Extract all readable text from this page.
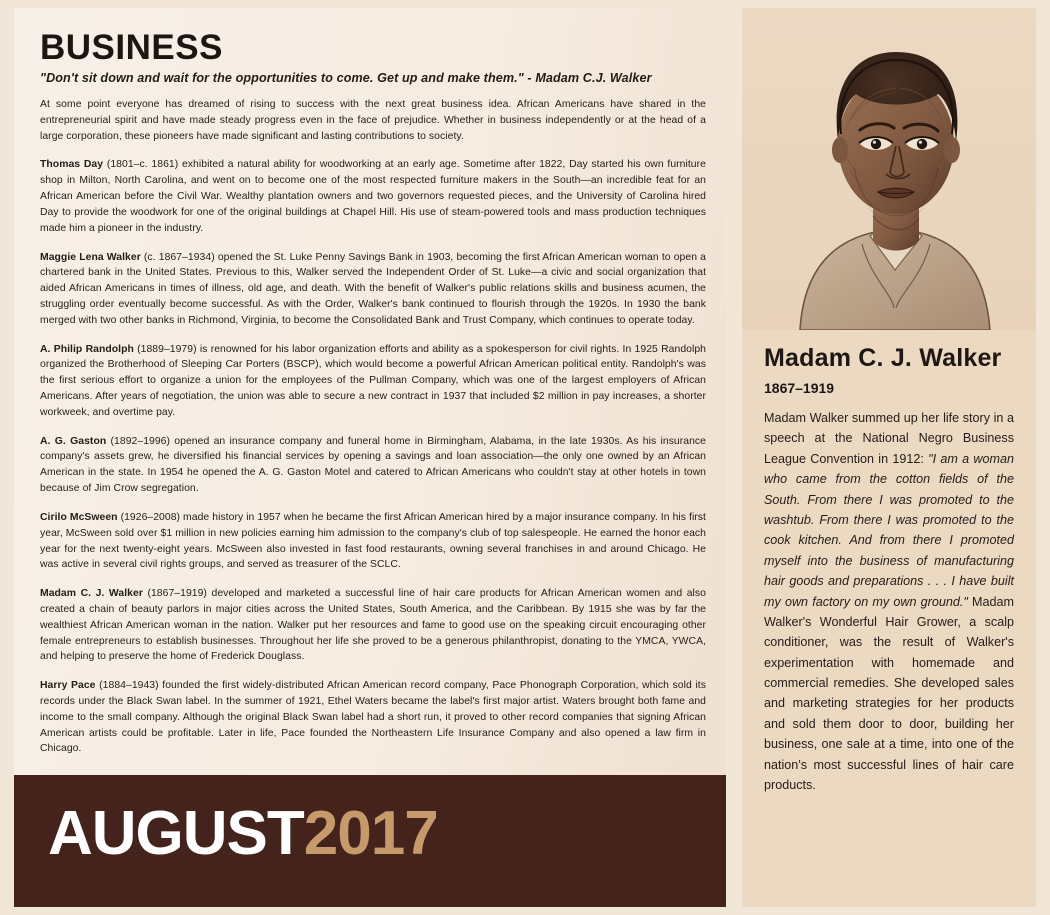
BUSINESS

"Don't sit down and wait for the opportunities to come. Get up and make them." - Madam C.J. Walker

At some point everyone has dreamed of rising to success with the next great business idea. African Americans have shared in the entrepreneurial spirit and have made steady progress even in the face of prejudice. Whether in business independently or at the head of a large corporation, these pioneers have made significant and lasting contributions to society.

Thomas Day (1801–c. 1861) exhibited a natural ability for woodworking at an early age. Sometime after 1822, Day started his own furniture shop in Milton, North Carolina, and went on to become one of the most respected furniture makers in the South—an incredible feat for an African American before the Civil War. Wealthy plantation owners and two governors requested pieces, and the University of Carolina hired Day to provide the woodwork for one of the original buildings at Chapel Hill. His use of steam-powered tools and mass production techniques made him a pioneer in the industry.

Maggie Lena Walker (c. 1867–1934) opened the St. Luke Penny Savings Bank in 1903, becoming the first African American woman to open a chartered bank in the United States. Previous to this, Walker served the Independent Order of St. Luke—a civic and social organization that aided African Americans in times of illness, old age, and death. With the benefit of Walker's public relations skills and business acumen, the struggling order eventually become successful. As with the Order, Walker's bank continued to flourish through the 1920s. In 1930 the bank merged with two other banks in Richmond, Virginia, to become the Consolidated Bank and Trust Company, which continues to operate today.

A. Philip Randolph (1889–1979) is renowned for his labor organization efforts and ability as a spokesperson for civil rights. In 1925 Randolph organized the Brotherhood of Sleeping Car Porters (BSCP), which would become a powerful African American political entity. Randolph's was the first serious effort to organize a union for the employees of the Pullman Company, which was one of the largest employers of African Americans. After years of negotiation, the union was able to secure a new contract in 1937 that included $2 million in pay increases, a shorter workweek, and overtime pay.

A. G. Gaston (1892–1996) opened an insurance company and funeral home in Birmingham, Alabama, in the late 1930s. As his insurance company's assets grew, he diversified his financial services by opening a savings and loan association—the only one owned by an African American in the state. In 1954 he opened the A. G. Gaston Motel and catered to African Americans who couldn't stay at other hotels in town because of Jim Crow segregation.

Cirilo McSween (1926–2008) made history in 1957 when he became the first African American hired by a major insurance company. In his first year, McSween sold over $1 million in new policies earning him admission to the company's club of top salespeople. He earned the honor each year for the next twenty-eight years. McSween also invested in fast food restaurants, owning several franchises in and around Chicago. He was active in several civil rights groups, and served as treasurer of the SCLC.

Madam C. J. Walker (1867–1919) developed and marketed a successful line of hair care products for African American women and also created a chain of beauty parlors in major cities across the United States, South America, and the Caribbean. By 1915 she was by far the wealthiest African American woman in the nation. Walker put her resources and fame to good use on the speaking circuit encouraging other female entrepreneurs to establish businesses. Throughout her life she proved to be a generous philanthropist, donating to the YMCA, YWCA, and helping to preserve the home of Frederick Douglass.

Harry Pace (1884–1943) founded the first widely-distributed African American record company, Pace Phonograph Corporation, which sold its records under the Black Swan label. In the summer of 1921, Ethel Waters became the label's first major artist. Waters brought both fame and income to the small company. Although the original Black Swan label had a short run, it proved to other record companies that signing African American artists could be profitable. Later in life, Pace founded the Northeastern Life Insurance Company and also opened a law firm in Chicago.

AUGUST2017
Madam C. J. Walker
1867–1919

Madam Walker summed up her life story in a speech at the National Negro Business League Convention in 1912: "I am a woman who came from the cotton fields of the South. From there I was promoted to the washtub. From there I was promoted to the cook kitchen. And from there I promoted myself into the business of manufacturing hair goods and preparations . . . I have built my own factory on my own ground." Madam Walker's Wonderful Hair Grower, a scalp conditioner, was the result of Walker's experimentation with homemade and commercial remedies. She developed sales and marketing strategies for her products and sold them door to door, building her business, one sale at a time, into one of the nation's most successful lines of hair care products.
